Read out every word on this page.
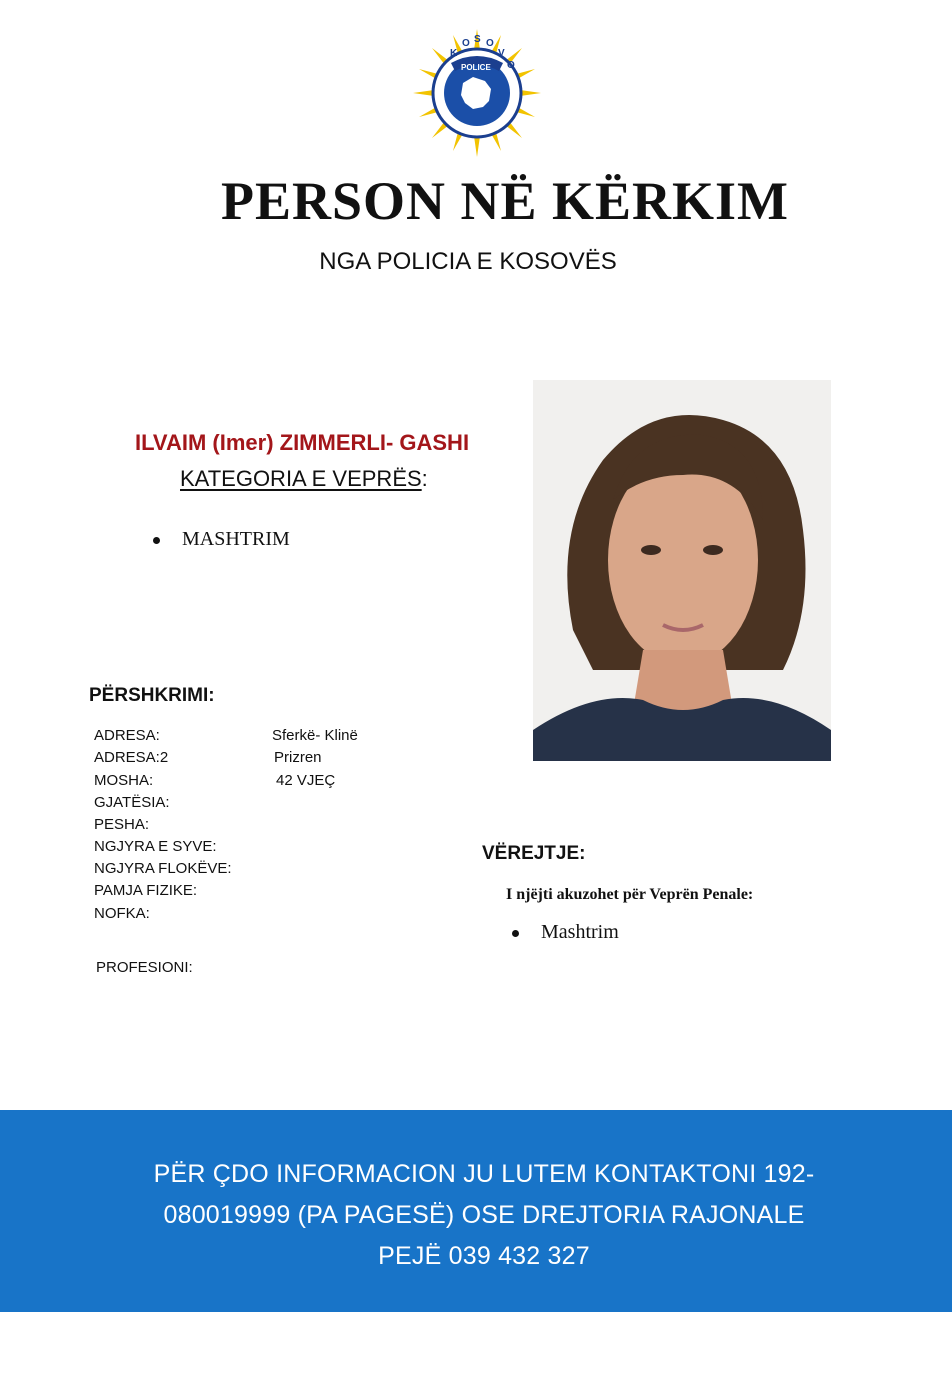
K
O S O
V
O
POLICE
PERSON NË KËRKIM
NGA POLICIA E KOSOVËS
ILVAIM (Imer) ZIMMERLI- GASHI
KATEGORIA E VEPRËS:
MASHTRIM
PËRSHKRIMI:
ADRESA:	Sferkë- Klinë
ADRESA:2	Prizren
MOSHA:	42 VJEÇ
GJATËSIA:
PESHA:
NGJYRA E SYVE:
NGJYRA FLOKËVE:
PAMJA FIZIKE:
NOFKA:
PROFESIONI:
VËREJTJE:
I njëjti akuzohet për Veprën Penale:
Mashtrim
PËR ÇDO INFORMACION JU LUTEM KONTAKTONI 192-
080019999 (PA PAGESË) OSE DREJTORIA RAJONALE
PEJË 039 432 327
